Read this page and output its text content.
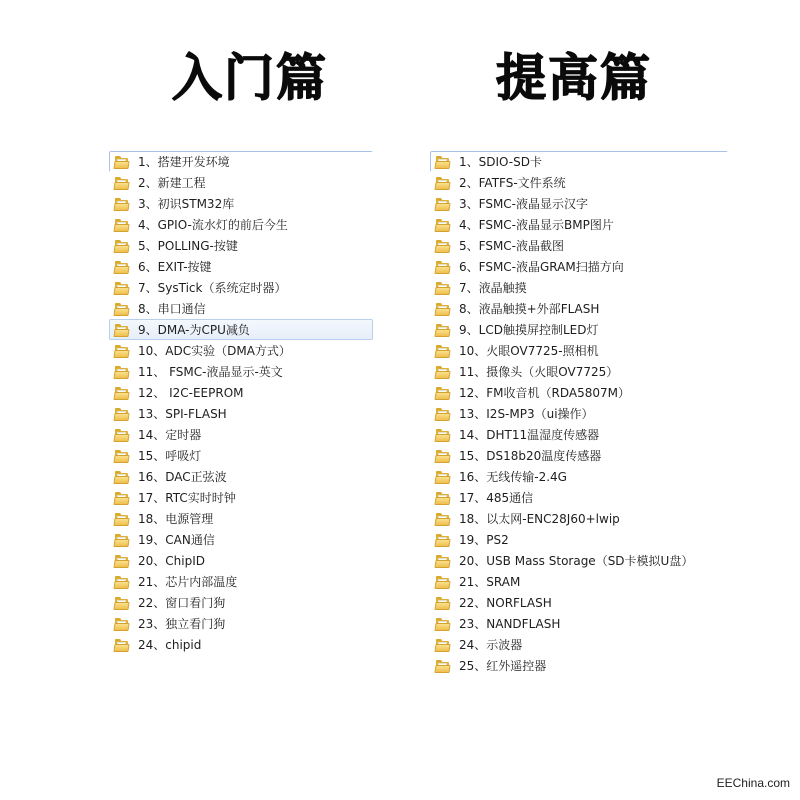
入门篇	提高篇
1、搭建开发环境
2、新建工程
3、初识STM32库
4、GPIO-流水灯的前后今生
5、POLLING-按键
6、EXIT-按键
7、SysTick（系统定时器）
8、串口通信
9、DMA-为CPU减负
10、ADC实验（DMA方式）
11、 FSMC-液晶显示-英文
12、 I2C-EEPROM
13、SPI-FLASH
14、定时器
15、呼吸灯
16、DAC正弦波
17、RTC实时时钟
18、电源管理
19、CAN通信
20、ChipID
21、芯片内部温度
22、窗口看门狗
23、独立看门狗
24、chipid
1、SDIO-SD卡
2、FATFS-文件系统
3、FSMC-液晶显示汉字
4、FSMC-液晶显示BMP图片
5、FSMC-液晶截图
6、FSMC-液晶GRAM扫描方向
7、液晶触摸
8、液晶触摸+外部FLASH
9、LCD触摸屏控制LED灯
10、火眼OV7725-照相机
11、摄像头（火眼OV7725）
12、FM收音机（RDA5807M）
13、I2S-MP3（ui操作）
14、DHT11温湿度传感器
15、DS18b20温度传感器
16、无线传输-2.4G
17、485通信
18、以太网-ENC28J60+lwip
19、PS2
20、USB Mass Storage（SD卡模拟U盘）
21、SRAM
22、NORFLASH
23、NANDFLASH
24、示波器
25、红外遥控器
EEChina.com
